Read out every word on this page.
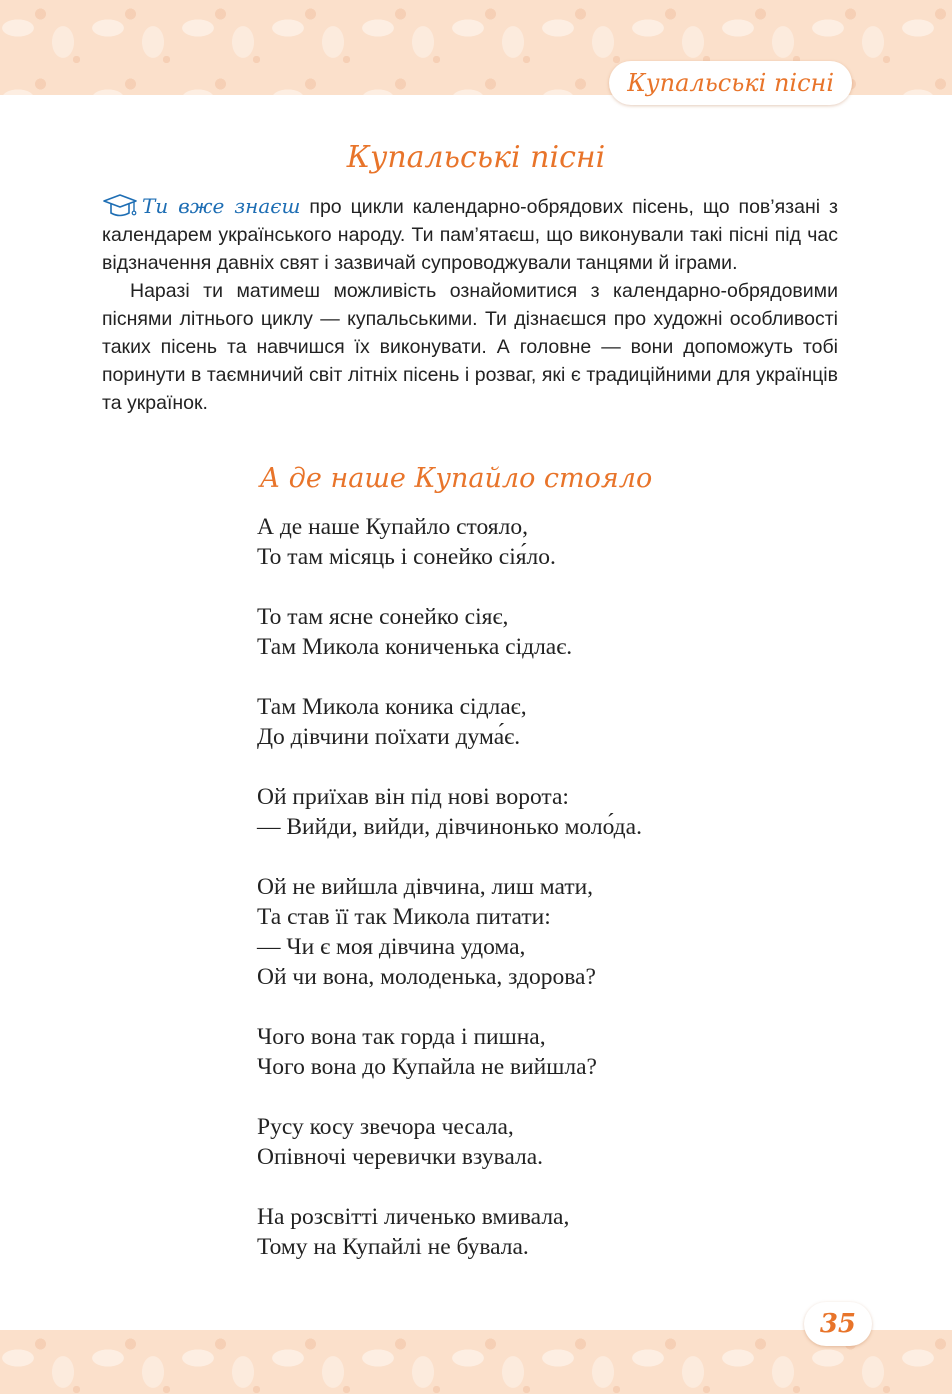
Купальські пісні
Купальські пісні

Ти вже знаєш про цикли календарно-обрядових пісень, що пов’язані з календарем українського народу. Ти пам’ятаєш, що виконували такі пісні під час відзначення давніх свят і зазвичай супроводжували танцями й іграми.

Наразі ти матимеш можливість ознайомитися з календарно-обрядовими піснями літнього циклу — купальськими. Ти дізнаєшся про художні особливості таких пісень та навчишся їх виконувати. А головне — вони допоможуть тобі поринути в таємничий світ літніх пісень і розваг, які є традиційними для українців та українок.

А де наше Купайло стояло
А де наше Купайло стояло,
То там місяць і сонейко сія́ло.
То там ясне сонейко сіяє,
Там Микола кониченька сідлає.
Там Микола коника сідлає,
До дівчини поїхати дума́є.
Ой приїхав він під нові ворота:
— Вийди, вийди, дівчинонько моло́да.
Ой не вийшла дівчина, лиш мати,
Та став її так Микола питати:
— Чи є моя дівчина удома,
Ой чи вона, молоденька, здорова?
Чого вона так горда і пишна,
Чого вона до Купайла не вийшла?
Русу косу звечора чесала,
Опівночі черевички взувала.
На розсвітті личенько вмивала,
Тому на Купайлі не бувала.
35
